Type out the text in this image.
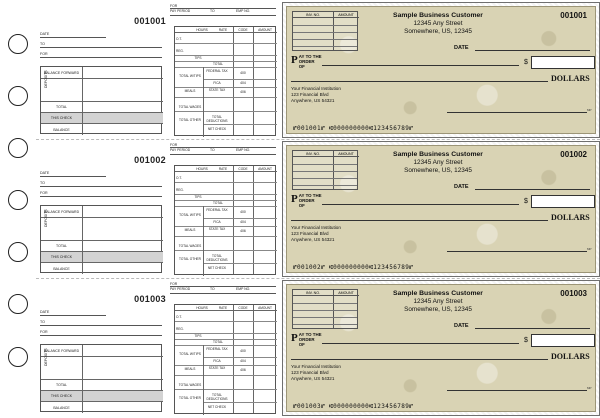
001001
DATE
TO
FOR
BALANCE FORWARD
DEPOSITS
TOTAL
THIS CHECK
BALANCE
FOR
PAY PERIOD	TO	EMP NO.
HOURS	RATE	CODE	AMOUNT
O.T.
REG.
TIPS
TOTAL
TOTAL W/TIPS
FEDERAL TAX	400
FICA	404
MEALS	STATE TAX	406
TOTAL WAGES
TOTAL OTHER
TOTAL DEDUCTIONS
NET CHECK
INV. NO.	AMOUNT	Sample Business Customer
12345 Any Street
Somewhere, US, 12345
001001
DATE
PAY TO THE
ORDER OF
$
DOLLARS
Your Financial Institution
123 Financial Blvd
Anywhere, US 54321
MP
⑈001001⑈ ⑆000000000⑆123456789⑈
001002
DATE
TO
FOR
BALANCE FORWARD
DEPOSITS
TOTAL
THIS CHECK
BALANCE
FOR
PAY PERIOD	TO	EMP NO.
HOURS	RATE	CODE	AMOUNT
O.T.
REG.
TIPS
TOTAL
TOTAL W/TIPS
FEDERAL TAX	400
FICA	404
MEALS	STATE TAX	406
TOTAL WAGES
TOTAL OTHER
TOTAL DEDUCTIONS
NET CHECK
INV. NO.	AMOUNT	Sample Business Customer
12345 Any Street
Somewhere, US, 12345
001002
DATE
PAY TO THE
ORDER OF
$
DOLLARS
Your Financial Institution
123 Financial Blvd
Anywhere, US 54321
MP
⑈001002⑈ ⑆000000000⑆123456789⑈
001003
DATE
TO
FOR
BALANCE FORWARD
DEPOSITS
TOTAL
THIS CHECK
BALANCE
FOR
PAY PERIOD	TO	EMP NO.
HOURS	RATE	CODE	AMOUNT
O.T.
REG.
TIPS
TOTAL
TOTAL W/TIPS
FEDERAL TAX	400
FICA	404
MEALS	STATE TAX	406
TOTAL WAGES
TOTAL OTHER
TOTAL DEDUCTIONS
NET CHECK
INV. NO.	AMOUNT	Sample Business Customer
12345 Any Street
Somewhere, US, 12345
001003
DATE
PAY TO THE
ORDER OF
$
DOLLARS
Your Financial Institution
123 Financial Blvd
Anywhere, US 54321
MP
⑈001003⑈ ⑆000000000⑆123456789⑈
